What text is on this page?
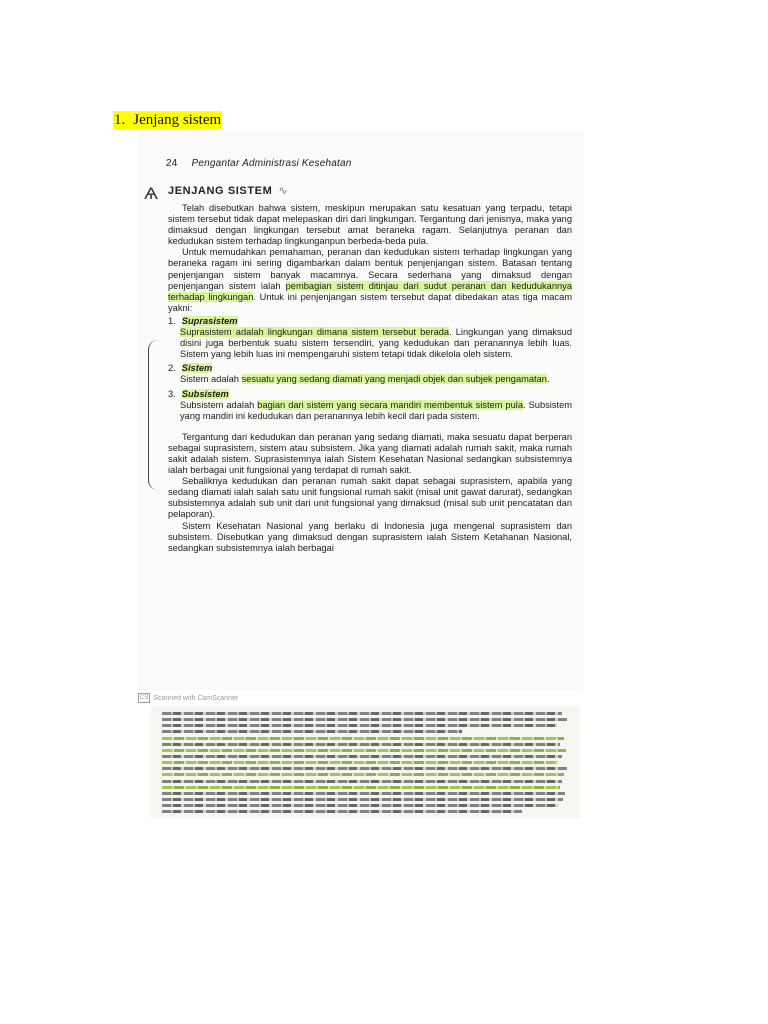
1. Jenjang sistem
24 Pengantar Administrasi Kesehatan
Ѧ JENJANG SISTEM ∿

Telah disebutkan bahwa sistem, meskipun merupakan satu kesatuan yang terpadu, tetapi sistem tersebut tidak dapat melepaskan diri dari lingkungan. Tergantung dari jenisnya, maka yang dimaksud dengan lingkungan tersebut amat beraneka ragam. Selanjutnya peranan dan kedudukan sistem terhadap lingkunganpun berbeda-beda pula.

Untuk memudahkan pemahaman, peranan dan kedudukan sistem terhadap lingkungan yang beraneka ragam ini sering digambarkan dalam bentuk penjenjangan sistem. Batasan tentang penjenjangan sistem banyak macamnya. Secara sederhana yang dimaksud dengan penjenjangan sistem ialah pembagian sistem ditinjau dari sudut peranan dan kedudukannya terhadap lingkungan. Untuk ini penjenjangan sistem tersebut dapat dibedakan atas tiga macam yakni:

1. Suprasistem
Suprasistem adalah lingkungan dimana sistem tersebut berada. Lingkungan yang dimaksud disini juga berbentuk suatu sistem tersendiri, yang kedudukan dan peranannya lebih luas. Sistem yang lebih luas ini mempengaruhi sistem tetapi tidak dikelola oleh sistem.
2. Sistem
Sistem adalah sesuatu yang sedang diamati yang menjadi objek dan subjek pengamatan.
3. Subsistem
Subsistem adalah bagian dari sistem yang secara mandiri membentuk sistem pula. Subsistem yang mandiri ini kedudukan dan peranannya lebih kecil dari pada sistem.

Tergantung dari kedudukan dan peranan yang sedang diamati, maka sesuatu dapat berperan sebagai suprasistem, sistem atau subsistem. Jika yang diamati adalah rumah sakit, maka rumah sakit adalah sistem. Suprasistemnya ialah Sistem Kesehatan Nasional sedangkan subsistemnya ialah berbagai unit fungsional yang terdapat di rumah sakit.

Sebaliknya kedudukan dan peranan rumah sakit dapat sebagai suprasistem, apabila yang sedang diamati ialah salah satu unit fungsional rumah sakit (misal unit gawat darurat), sedangkan subsistemnya adalah sub unit dari unit fungsional yang dimaksud (misal sub unit pencatatan dan pelaporan).

Sistem Kesehatan Nasional yang berlaku di Indonesia juga mengenal suprasistem dan subsistem. Disebutkan yang dimaksud dengan suprasistem ialah Sistem Ketahanan Nasional, sedangkan subsistemnya ialah berbagai

CS Scanned with CamScanner
